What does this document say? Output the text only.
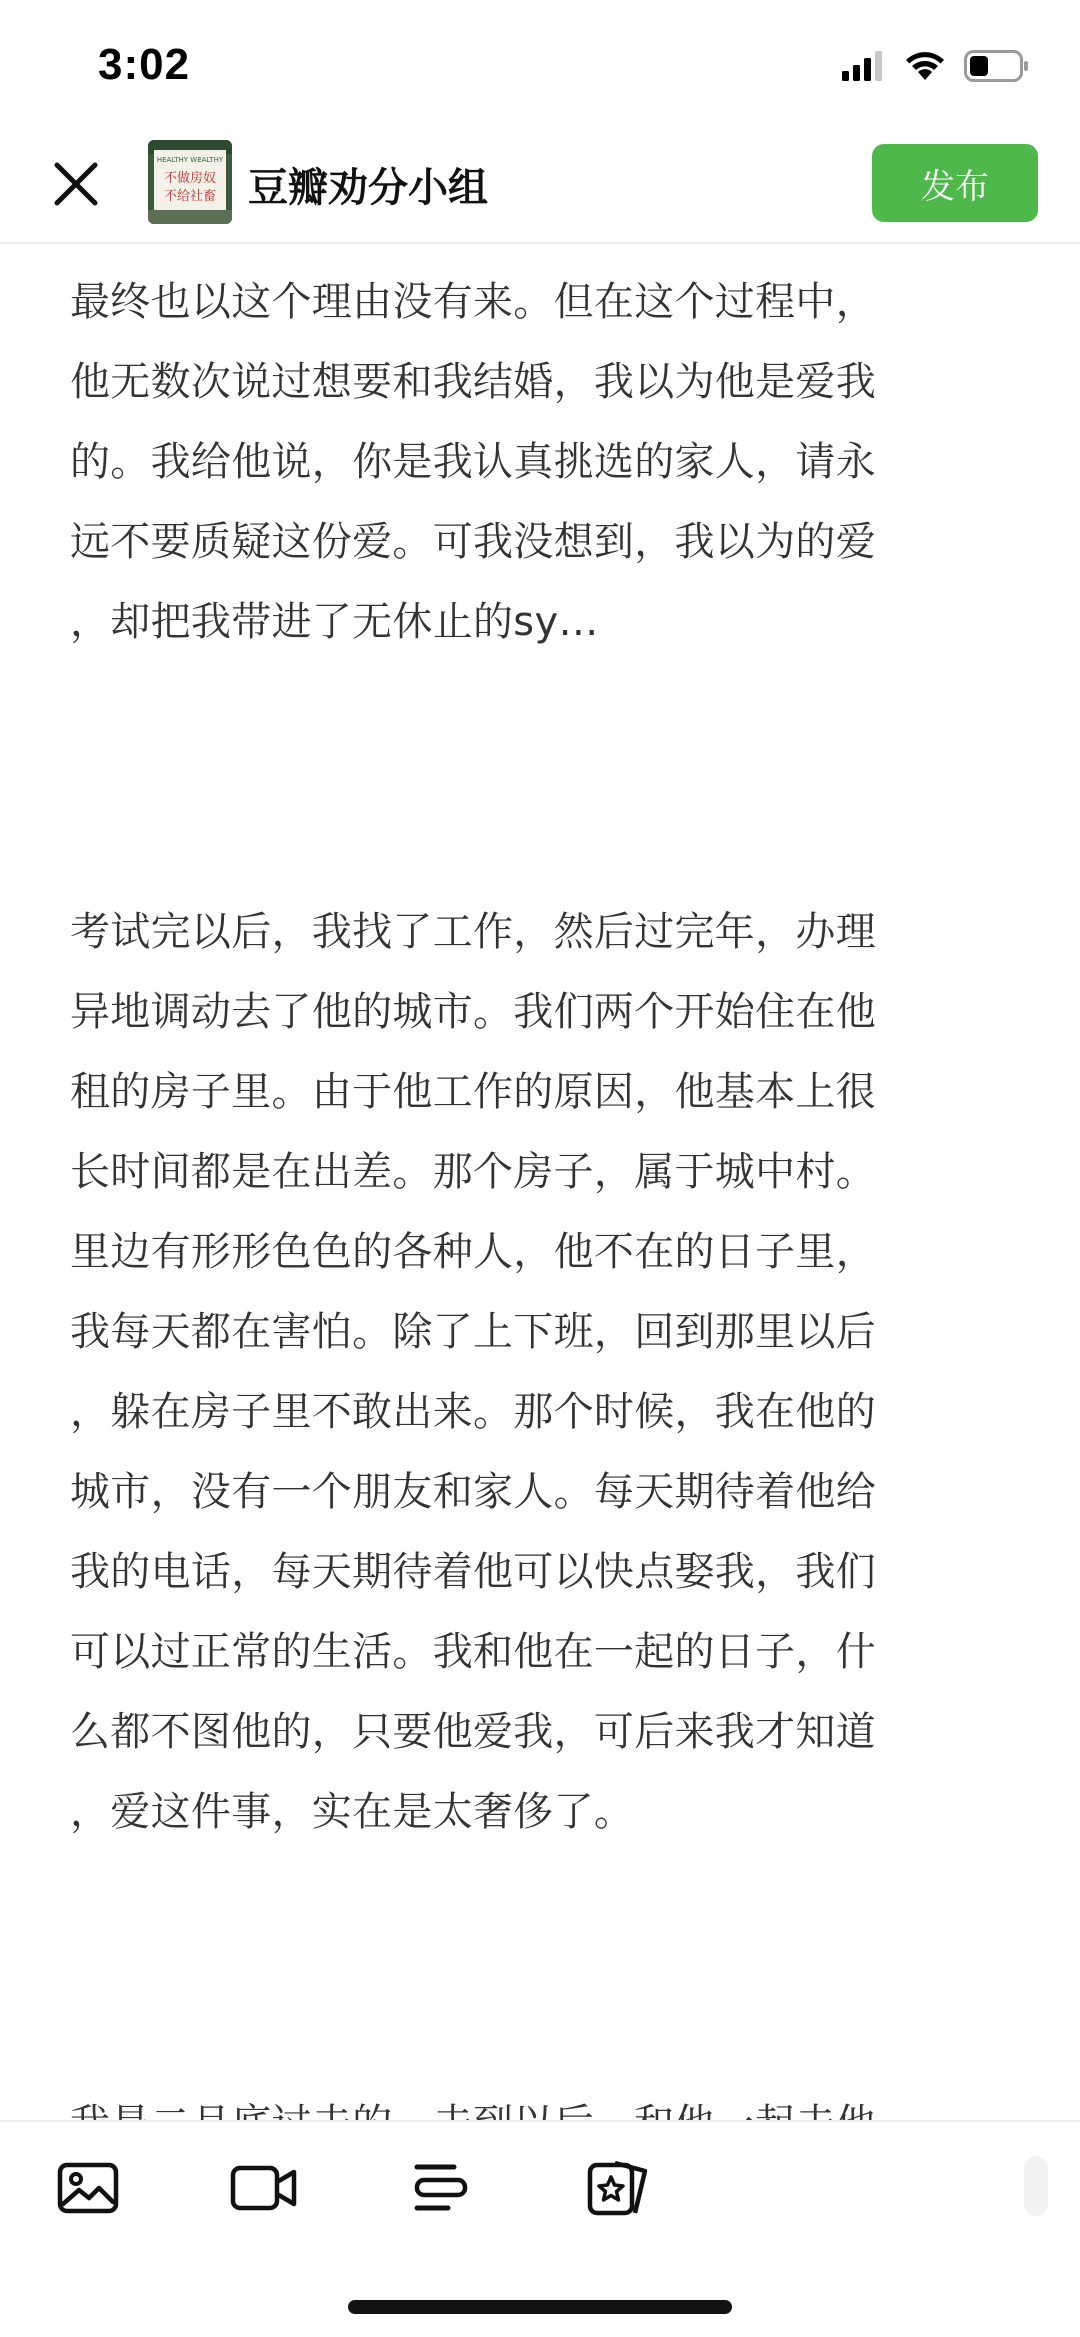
3:02
HEALTHY WEALTHY
不做房奴
不给社畜 豆瓣劝分小组	发布

最终也以这个理由没有来。但在这个过程中，

他无数次说过想要和我结婚，我以为他是爱我

的。我给他说，你是我认真挑选的家人，请永

远不要质疑这份爱。可我没想到，我以为的爱

，却把我带进了无休止的sy…

考试完以后，我找了工作，然后过完年，办理

异地调动去了他的城市。我们两个开始住在他

租的房子里。由于他工作的原因，他基本上很

长时间都是在出差。那个房子，属于城中村。

里边有形形色色的各种人，他不在的日子里，

我每天都在害怕。除了上下班，回到那里以后

，躲在房子里不敢出来。那个时候，我在他的

城市，没有一个朋友和家人。每天期待着他给

我的电话，每天期待着他可以快点娶我，我们

可以过正常的生活。我和他在一起的日子，什

么都不图他的，只要他爱我，可后来我才知道

，爱这件事，实在是太奢侈了。
